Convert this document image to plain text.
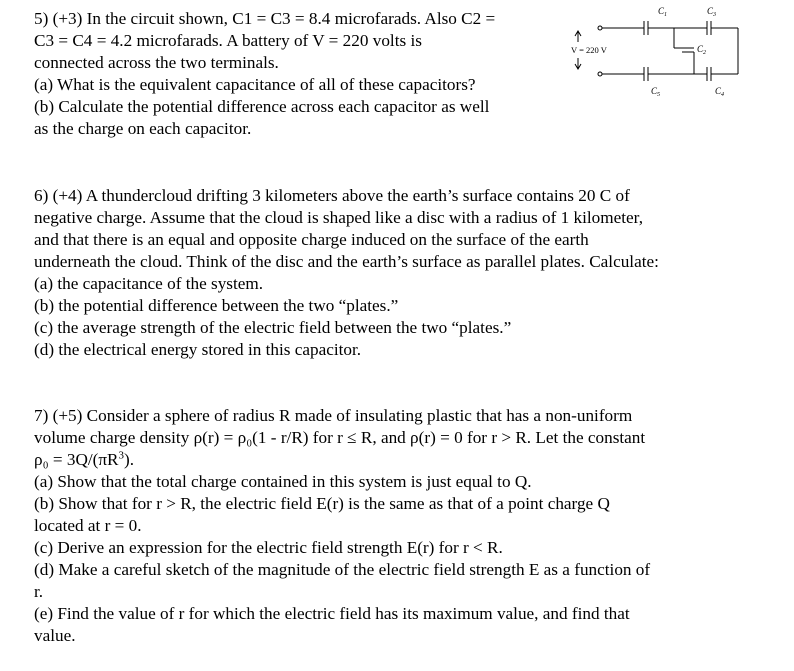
5) (+3) In the circuit shown, C1 = C3 = 8.4 microfarads. Also C2 =
C3 = C4 = 4.2 microfarads. A battery of V = 220 volts is
connected across the two terminals.
(a) What is the equivalent capacitance of all of these capacitors?
(b) Calculate the potential difference across each capacitor as well
as the charge on each capacitor.
V = 220 V
C 1	C 3
C 2
C 5	C 4
6) (+4) A thundercloud drifting 3 kilometers above the earth’s surface contains 20 C of
negative charge. Assume that the cloud is shaped like a disc with a radius of 1 kilometer,
and that there is an equal and opposite charge induced on the surface of the earth
underneath the cloud. Think of the disc and the earth’s surface as parallel plates. Calculate:
(a) the capacitance of the system.
(b) the potential difference between the two “plates.”
(c) the average strength of the electric field between the two “plates.”
(d) the electrical energy stored in this capacitor.
7) (+5) Consider a sphere of radius R made of insulating plastic that has a non-uniform
volume charge density ρ(r) = ρ₀(1 - r/R) for r ≤ R, and ρ(r) = 0 for r > R. Let the constant
$\rho_0 = 3Q/(\pi R^3)$.
(a) Show that the total charge contained in this system is just equal to Q.
(b) Show that for r > R, the electric field E(r) is the same as that of a point charge Q
located at r = 0.
(c) Derive an expression for the electric field strength E(r) for r < R.
(d) Make a careful sketch of the magnitude of the electric field strength E as a function of
r.
(e) Find the value of r for which the electric field has its maximum value, and find that
value.
